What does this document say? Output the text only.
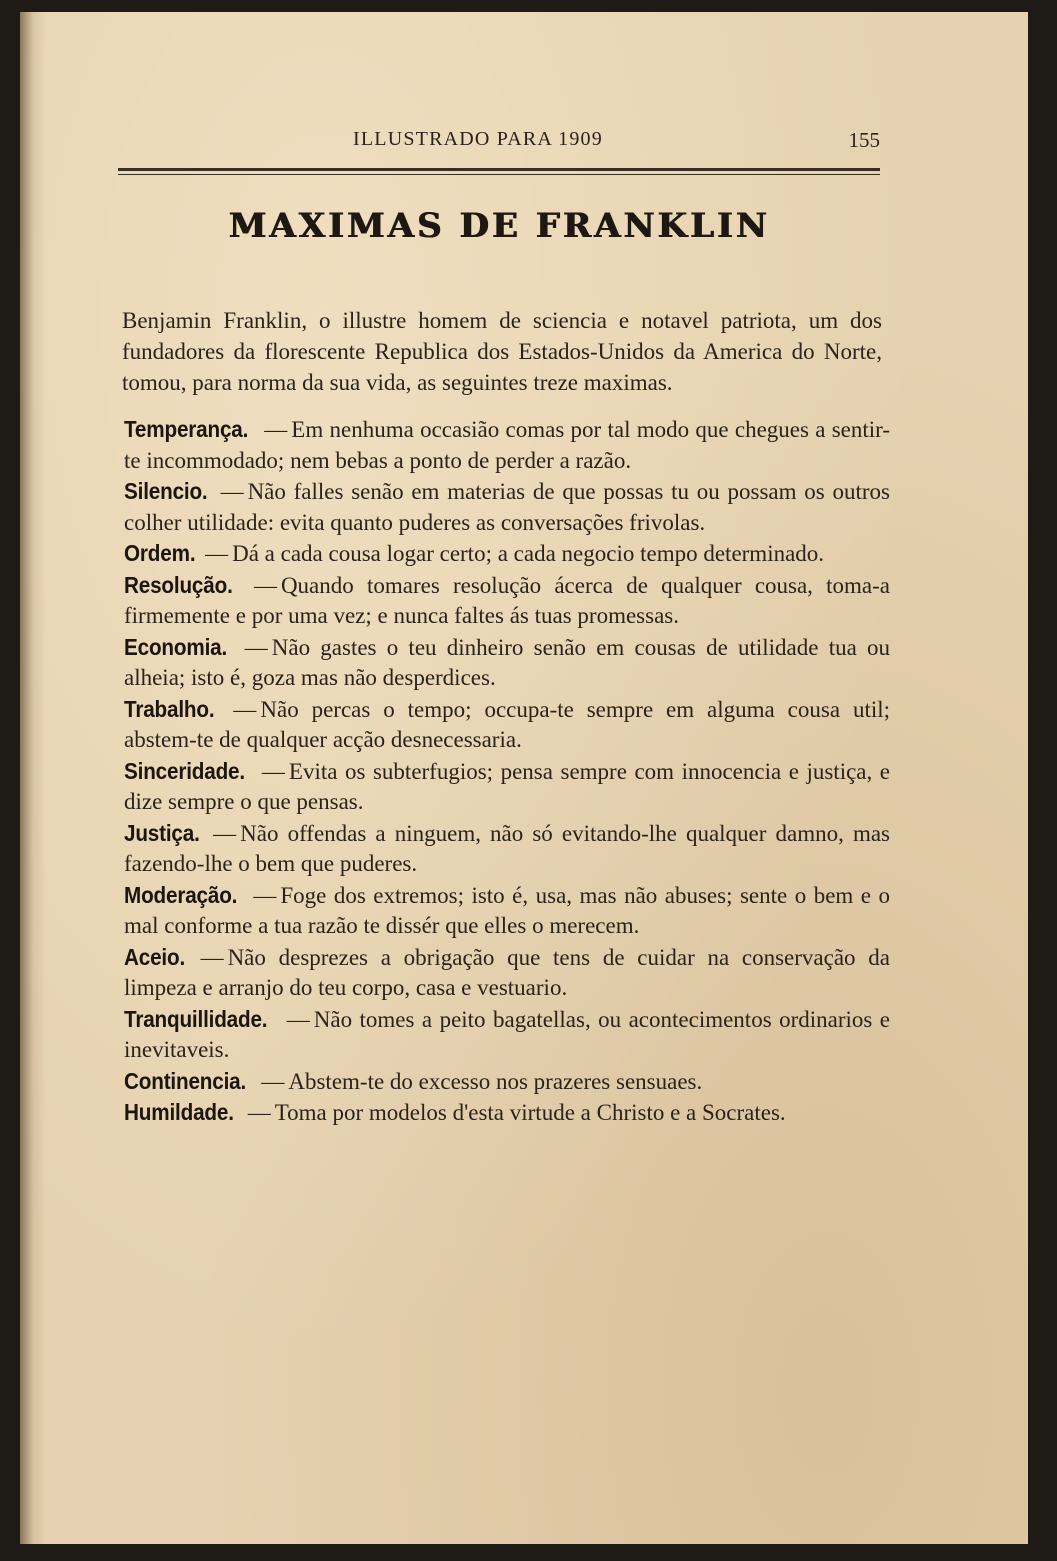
ILLUSTRADO PARA 1909	155
MAXIMAS DE FRANKLIN

Benjamin Franklin, o illustre homem de sciencia e notavel patriota, um dos fundadores da florescente Republica dos Estados-Unidos da America do Norte, tomou, para norma da sua vida, as seguintes treze maximas.

Temperança. — Em nenhuma occasião comas por tal modo que chegues a sentir-te incommodado; nem bebas a ponto de perder a razão.

Silencio. — Não falles senão em materias de que possas tu ou possam os outros colher utilidade: evita quanto puderes as conversações frivolas.

Ordem. — Dá a cada cousa logar certo; a cada negocio tempo determinado.

Resolução. — Quando tomares resolução ácerca de qualquer cousa, toma-a firmemente e por uma vez; e nunca faltes ás tuas promessas.

Economia. — Não gastes o teu dinheiro senão em cousas de utilidade tua ou alheia; isto é, goza mas não desperdices.

Trabalho. — Não percas o tempo; occupa-te sempre em alguma cousa util; abstem-te de qualquer acção desnecessaria.

Sinceridade. — Evita os subterfugios; pensa sempre com innocencia e justiça, e dize sempre o que pensas.

Justiça. — Não offendas a ninguem, não só evitando-lhe qualquer damno, mas fazendo-lhe o bem que puderes.

Moderação. — Foge dos extremos; isto é, usa, mas não abuses; sente o bem e o mal conforme a tua razão te dissér que elles o merecem.

Aceio. — Não desprezes a obrigação que tens de cuidar na conservação da limpeza e arranjo do teu corpo, casa e vestuario.

Tranquillidade. — Não tomes a peito bagatellas, ou acontecimentos ordinarios e inevitaveis.

Continencia. — Abstem-te do excesso nos prazeres sensuaes.

Humildade. — Toma por modelos d'esta virtude a Christo e a Socrates.
